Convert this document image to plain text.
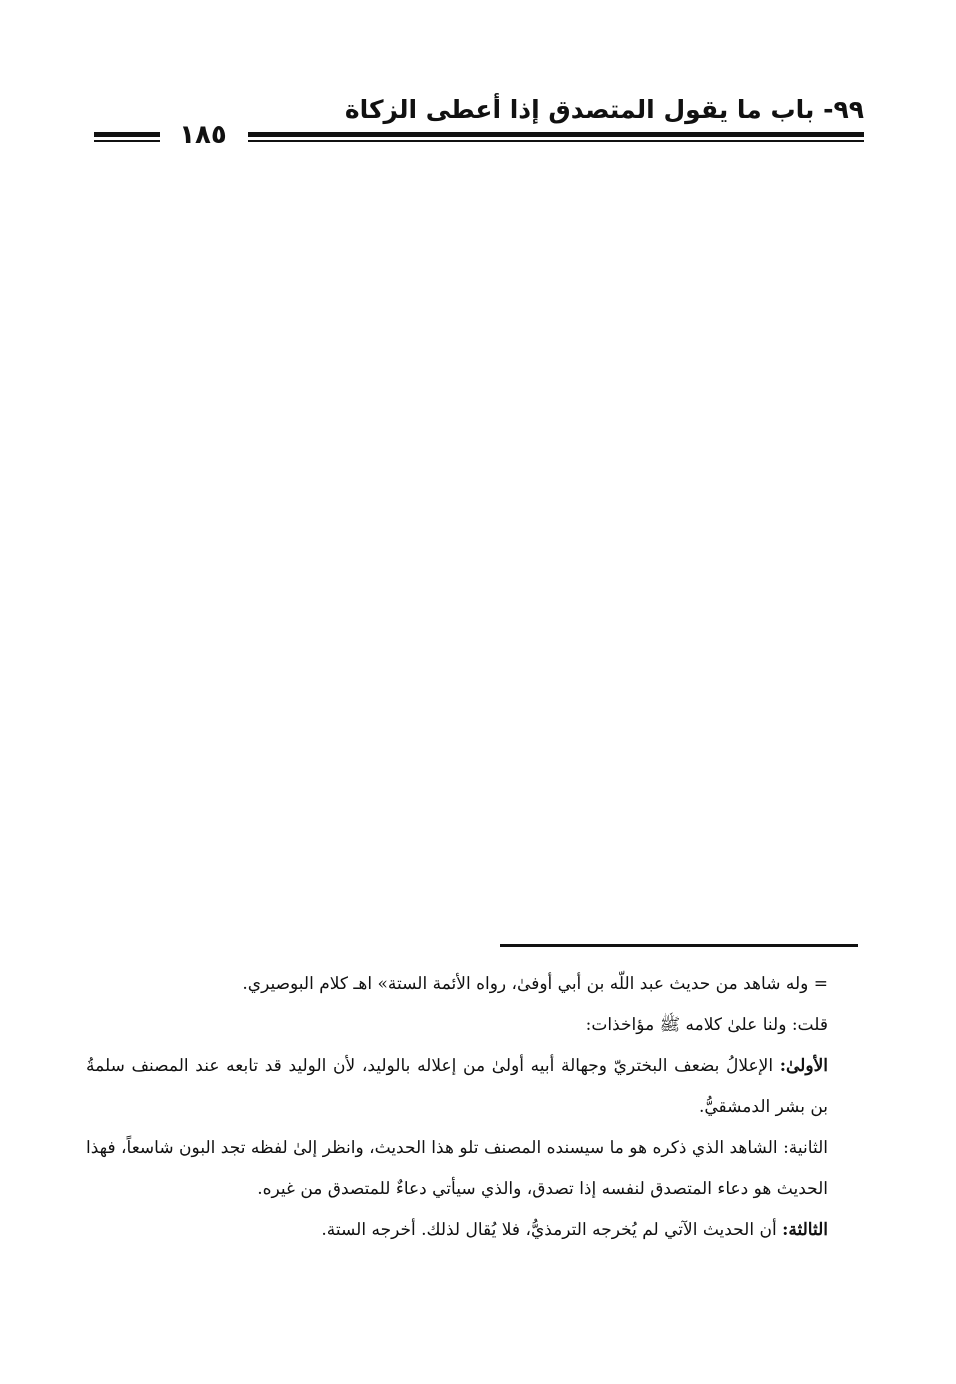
٩٩- باب ما يقول المتصدق إذا أعطى الزكاة
١٨٥

= وله شاهد من حديث عبد اللّه بن أبي أوفىٰ، رواه الأئمة الستة» اهـ كلام البوصيري.

قلت: ولنا علىٰ كلامه ﷺ مؤاخذات:

الأولىٰ: الإعلالُ بضعف البختريّ وجهالة أبيه أولىٰ من إعلاله بالوليد، لأن الوليد قد تابعه عند المصنف سلمةُ بن بشر الدمشقيُّ.

الثانية: الشاهد الذي ذكره هو ما سيسنده المصنف تلو هذا الحديث، وانظر إلىٰ لفظه تجد البون شاسعاً، فهذا الحديث هو دعاء المتصدق لنفسه إذا تصدق، والذي سيأتي دعاءٌ للمتصدق من غيره.

الثالثة: أن الحديث الآتي لم يُخرجه الترمذيُّ، فلا يُقال لذلك. أخرجه الستة.
